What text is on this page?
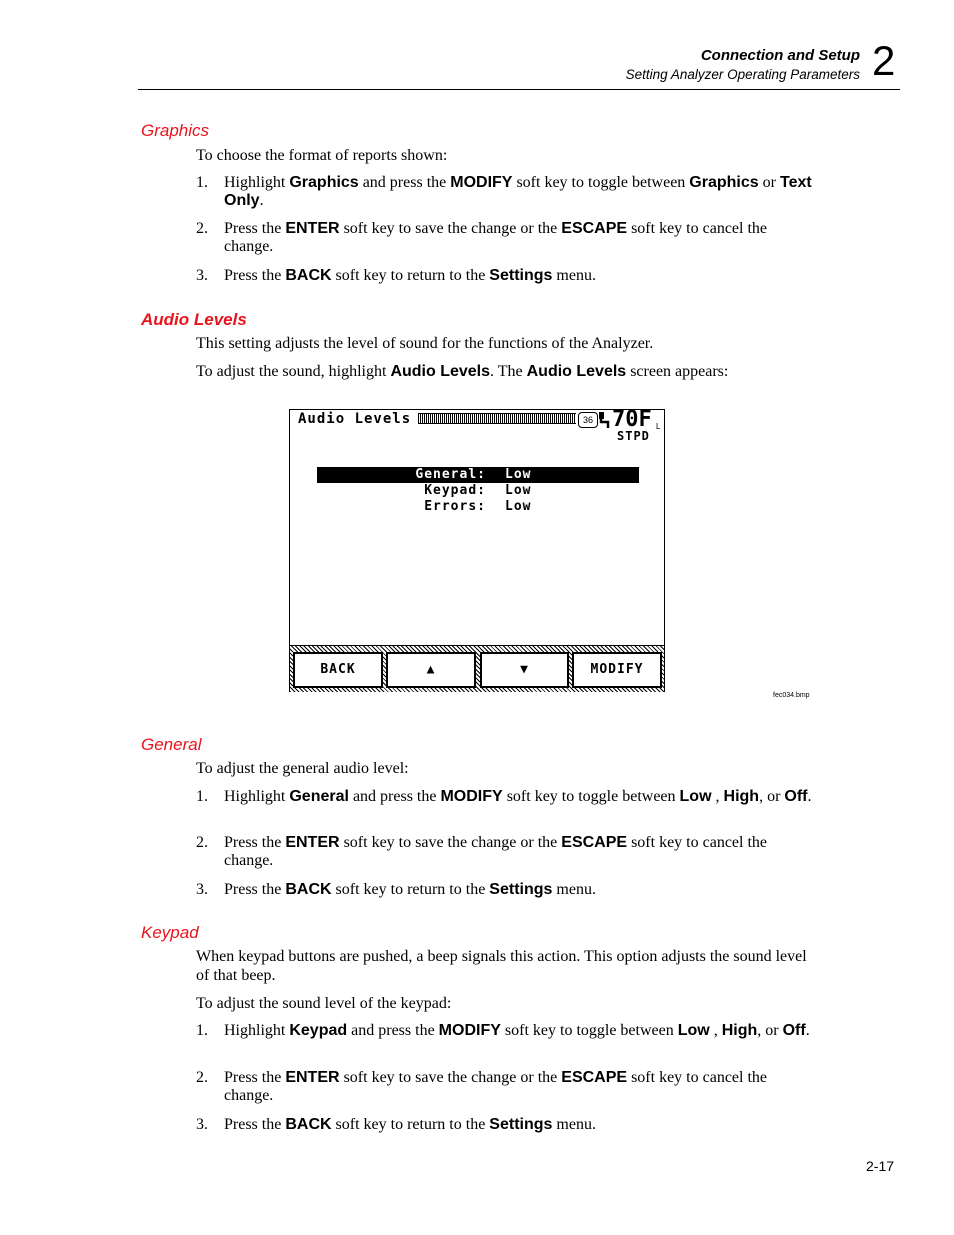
Connection and Setup
Setting Analyzer Operating Parameters 2
Graphics
To choose the format of reports shown:
1. Highlight Graphics and press the MODIFY soft key to toggle between Graphics or Text Only.
2. Press the ENTER soft key to save the change or the ESCAPE soft key to cancel the change.
3. Press the BACK soft key to return to the Settings menu.
Audio Levels
This setting adjusts the level of sound for the functions of the Analyzer.
To adjust the sound, highlight Audio Levels. The Audio Levels screen appears:
Audio Levels	36 70F L
STPD
General: Low
Keypad: Low
Errors: Low
BACK	▲	▼	MODIFY
fec034.bmp
General
To adjust the general audio level:
1. Highlight General and press the MODIFY soft key to toggle between Low , High, or Off.
2. Press the ENTER soft key to save the change or the ESCAPE soft key to cancel the change.
3. Press the BACK soft key to return to the Settings menu.
Keypad
When keypad buttons are pushed, a beep signals this action. This option adjusts the sound level of that beep.
To adjust the sound level of the keypad:
1. Highlight Keypad and press the MODIFY soft key to toggle between Low , High, or Off.
2. Press the ENTER soft key to save the change or the ESCAPE soft key to cancel the change.
3. Press the BACK soft key to return to the Settings menu.
2-17
